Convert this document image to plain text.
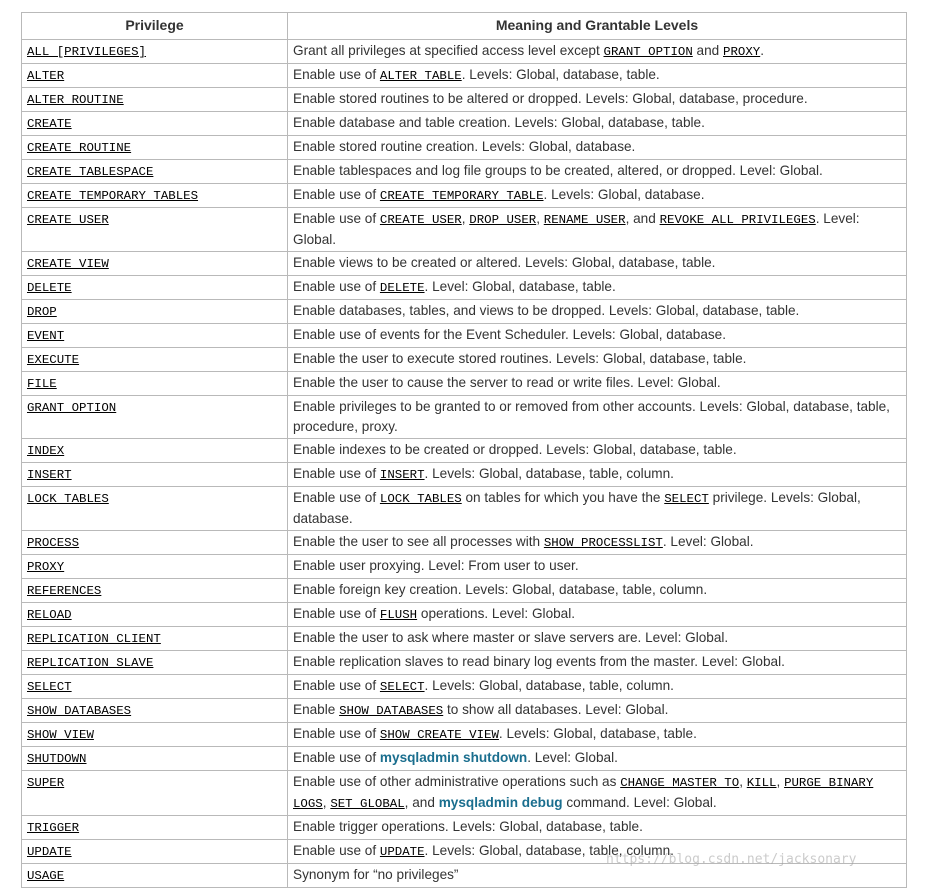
Privilege	Meaning and Grantable Levels
ALL [PRIVILEGES]	Grant all privileges at specified access level except GRANT OPTION and PROXY.
ALTER	Enable use of ALTER TABLE. Levels: Global, database, table.
ALTER ROUTINE	Enable stored routines to be altered or dropped. Levels: Global, database, procedure.
CREATE	Enable database and table creation. Levels: Global, database, table.
CREATE ROUTINE	Enable stored routine creation. Levels: Global, database.
CREATE TABLESPACE	Enable tablespaces and log file groups to be created, altered, or dropped. Level: Global.
CREATE TEMPORARY TABLES	Enable use of CREATE TEMPORARY TABLE. Levels: Global, database.
CREATE USER	Enable use of CREATE USER, DROP USER, RENAME USER, and REVOKE ALL PRIVILEGES. Level: Global.
CREATE VIEW	Enable views to be created or altered. Levels: Global, database, table.
DELETE	Enable use of DELETE. Level: Global, database, table.
DROP	Enable databases, tables, and views to be dropped. Levels: Global, database, table.
EVENT	Enable use of events for the Event Scheduler. Levels: Global, database.
EXECUTE	Enable the user to execute stored routines. Levels: Global, database, table.
FILE	Enable the user to cause the server to read or write files. Level: Global.
GRANT OPTION	Enable privileges to be granted to or removed from other accounts. Levels: Global, database, table, procedure, proxy.
INDEX	Enable indexes to be created or dropped. Levels: Global, database, table.
INSERT	Enable use of INSERT. Levels: Global, database, table, column.
LOCK TABLES	Enable use of LOCK TABLES on tables for which you have the SELECT privilege. Levels: Global, database.
PROCESS	Enable the user to see all processes with SHOW PROCESSLIST. Level: Global.
PROXY	Enable user proxying. Level: From user to user.
REFERENCES	Enable foreign key creation. Levels: Global, database, table, column.
RELOAD	Enable use of FLUSH operations. Level: Global.
REPLICATION CLIENT	Enable the user to ask where master or slave servers are. Level: Global.
REPLICATION SLAVE	Enable replication slaves to read binary log events from the master. Level: Global.
SELECT	Enable use of SELECT. Levels: Global, database, table, column.
SHOW DATABASES	Enable SHOW DATABASES to show all databases. Level: Global.
SHOW VIEW	Enable use of SHOW CREATE VIEW. Levels: Global, database, table.
SHUTDOWN	Enable use of mysqladmin shutdown. Level: Global.
SUPER	Enable use of other administrative operations such as CHANGE MASTER TO, KILL, PURGE BINARY LOGS, SET GLOBAL, and mysqladmin debug command. Level: Global.
TRIGGER	Enable trigger operations. Levels: Global, database, table.
UPDATE	Enable use of UPDATE. Levels: Global, database, table, column.
USAGE	Synonym for “no privileges”
https://blog.csdn.net/jacksonary
